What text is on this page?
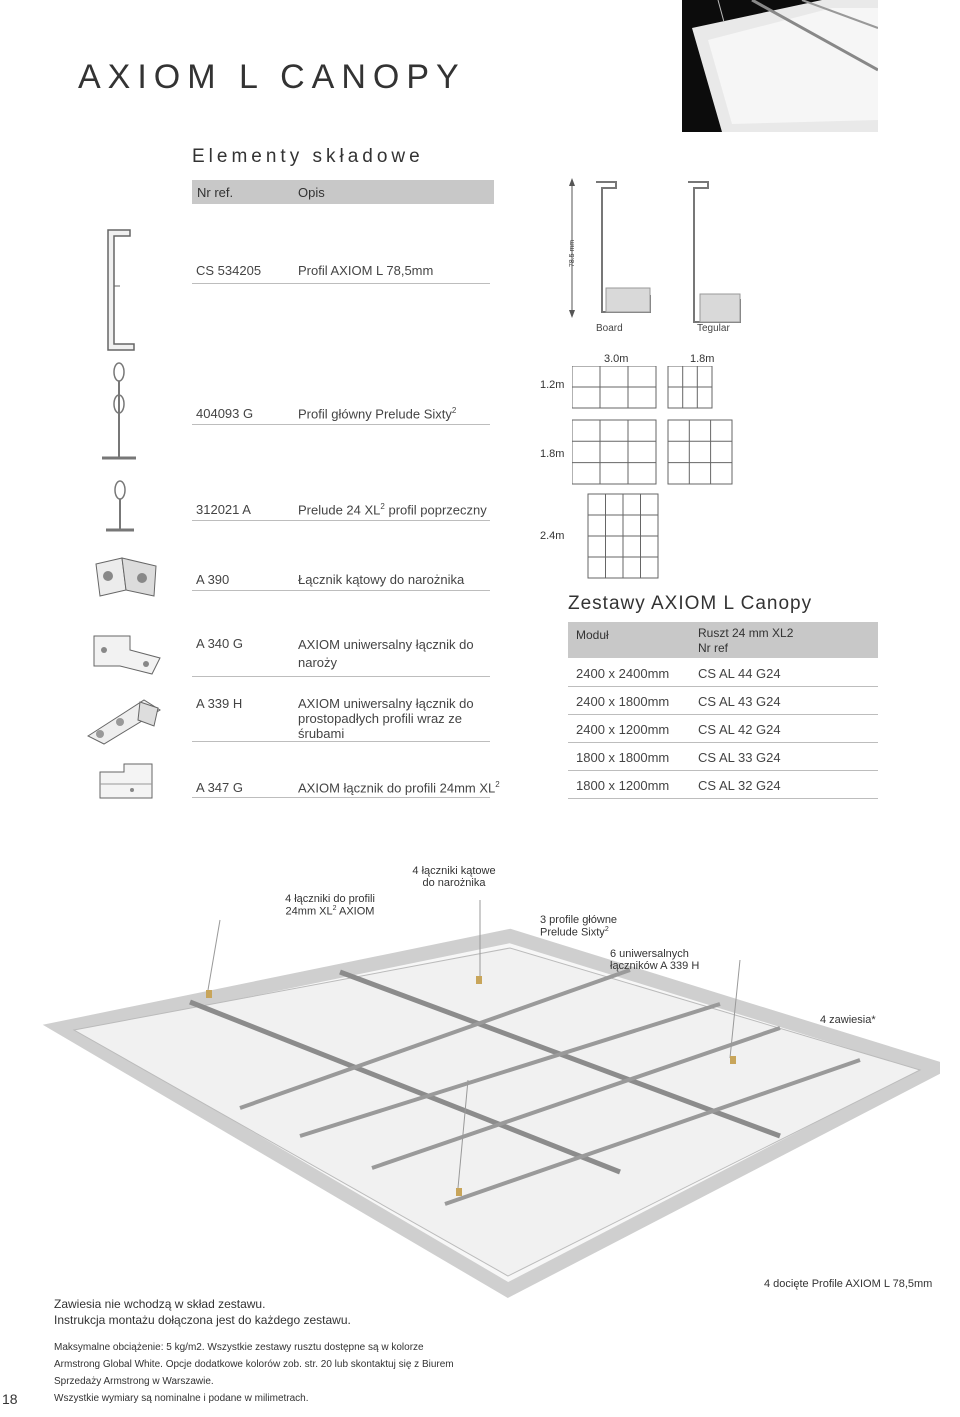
AXIOM L CANOPY
Elementy składowe
Nr ref.	Opis
CS 534205	Profil AXIOM L 78,5mm
404093 G	Profil główny Prelude Sixty$^2$
312021 A	Prelude 24 $XL^2$ profil poprzeczny
A 390	Łącznik kątowy do narożnika
A 340 G	AXIOM uniwersalny łącznik do
naroży
A 339 H	AXIOM uniwersalny łącznik do
prostopadłych profili wraz ze
śrubami
A 347 G	AXIOM łącznik do profili 24mm $XL^2$
78.5 mm
Board	Tegular
3.0m	1.8m
1.2m
1.8m
2.4m
Zestawy AXIOM L Canopy
Moduł	Ruszt 24 mm XL2
Nr ref
2400 x 2400mm CS AL 44 G24
2400 x 1800mm CS AL 43 G24
2400 x 1200mm CS AL 42 G24
1800 x 1800mm CS AL 33 G24
1800 x 1200mm CS AL 32 G24
4 łączniki do profili
24mm $XL^2$ AXIOM
4 łączniki kątowe
do narożnika
3 profile główne
Prelude Sixty$^2$
6 uniwersalnych
łączników A 339 H
4 zawiesia*
4 docięte Profile AXIOM L 78,5mm
Zawiesia nie wchodzą w skład zestawu.
Instrukcja montażu dołączona jest do każdego zestawu.
Maksymalne obciążenie: 5 kg/m2. Wszystkie zestawy rusztu dostępne są w kolorze
Armstrong Global White. Opcje dodatkowe kolorów zob. str. 20 lub skontaktuj się z Biurem
Sprzedaży Armstrong w Warszawie.
Wszystkie wymiary są nominalne i podane w milimetrach.
18
